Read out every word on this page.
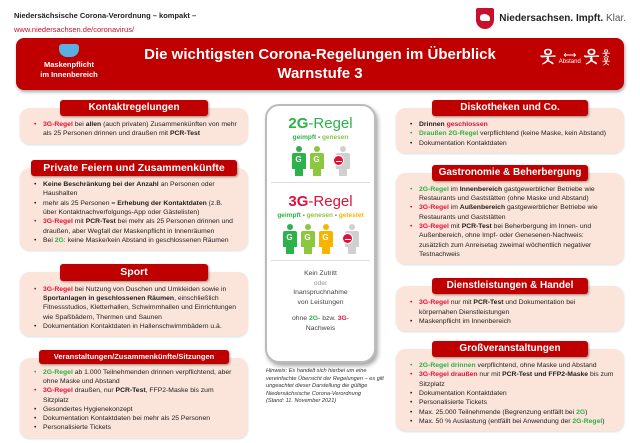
Niedersächsische Corona-Verordnung – kompakt –
www.niedersachsen.de/coronavirus/
Niedersachsen. Impft. Klar.
Maskenpflicht
im Innenbereich
Die wichtigsten Corona-Regelungen im Überblick
Warnstufe 3
웃 ⟷
Abstand 웃 웃
웃
Kontaktregelungen
• 3G-Regel bei allen (auch privaten) Zusammenkünften von mehr als 25 Personen drinnen und draußen mit PCR-Test
Private Feiern und Zusammenkünfte
• Keine Beschränkung bei der Anzahl an Personen oder Haushalten
• mehr als 25 Personen = Erhebung der Kontaktdaten (z.B. über Kontaktnachverfolgungs-App oder Gästelisten)
• 3G-Regel mit PCR-Test bei mehr als 25 Personen drinnen und draußen, aber Wegfall der Maskenpflicht in Innenräumen
• Bei 2G: keine Maske/kein Abstand in geschlossenen Räumen
Sport
• 3G-Regel bei Nutzung von Duschen und Umkleiden sowie in Sportanlagen in geschlossenen Räumen, einschließlich Fitnessstudios, Kletterhallen, Schwimmhallen und Einrichtungen wie Spaßbädern, Thermen und Saunen
• Dokumentation Kontaktdaten in Hallenschwimmbädern u.ä.
Veranstaltungen/Zusammenkünfte/Sitzungen
• 2G-Regel ab 1.000 Teilnehmenden drinnen verpflichtend, aber ohne Maske und Abstand
• 3G-Regel draußen, nur PCR-Test, FFP2-Maske bis zum Sitzplatz
• Gesondertes Hygienekonzept
• Dokumentation Kontaktdaten bei mehr als 25 Personen
• Personalisierte Tickets
Diskotheken und Co.
• Drinnen geschlossen
• Draußen 2G-Regel verpflichtend (keine Maske, kein Abstand)
• Dokumentation Kontaktdaten
Gastronomie & Beherbergung
• 2G-Regel im Innenbereich gastgewerblicher Betriebe wie Restaurants und Gaststätten (ohne Maske und Abstand)
• 3G-Regel im Außenbereich gastgewerblicher Betriebe wie Restaurants und Gaststätten
• 3G-Regel mit PCR-Test bei Beherbergung im Innen- und Außenbereich, ohne Impf- oder Genesenen-Nachweis: zusätzlich zum Anreisetag zweimal wöchentlich negativer Testnachweis
Dienstleistungen & Handel
• 3G-Regel nur mit PCR-Test und Dokumentation bei körpernahen Dienstleistungen
• Maskenpflicht im Innenbereich
Großveranstaltungen
• 2G-Regel drinnen verpflichtend, ohne Maske und Abstand
• 3G-Regel draußen nur mit PCR-Test und FFP2-Maske bis zum Sitzplatz
• Dokumentation Kontaktdaten
• Personalisierte Tickets
• Max. 25.000 Teilnehmende (Begrenzung entfällt bei 2G)
• Max. 50 % Auslastung (entfällt bei Anwendung der 2G-Regel)
2G-Regel
geimpft - genesen
G	G
3G-Regel
geimpft - genesen - getestet
G	G	G
Kein Zutritt
oder
Inanspruchnahme
von Leistungen
ohne 2G- bzw. 3G-
Nachweis
Hinweis: Es handelt sich hierbei um eine vereinfachte Übersicht der Regelungen – es gilt ungeachtet dieser Darstellung die gültige Niedersächsische Corona-Verordnung
(Stand: 11. November 2021)
